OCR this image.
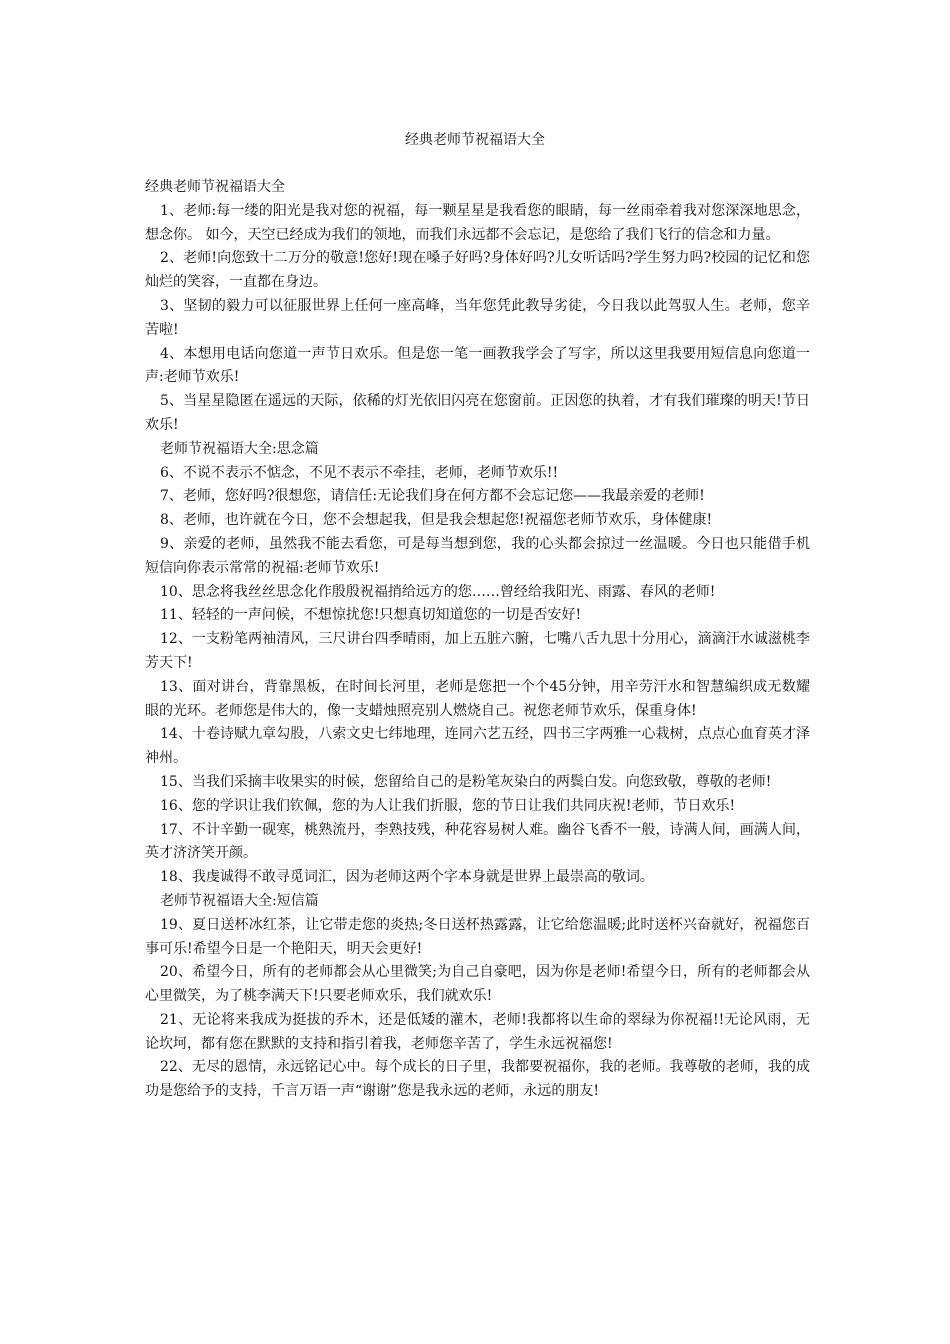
经典老师节祝福语大全

经典老师节祝福语大全

1、老师:每一缕的阳光是我对您的祝福，每一颗星星是我看您的眼睛，每一丝雨牵着我对您深深地思念，想念你。 如今，天空已经成为我们的领地，而我们永远都不会忘记，是您给了我们飞行的信念和力量。

2、老师!向您致十二万分的敬意!您好!现在嗓子好吗?身体好吗?儿女听话吗?学生努力吗?校园的记忆和您灿烂的笑容，一直都在身边。

3、坚韧的毅力可以征服世界上任何一座高峰，当年您凭此教导劣徒，今日我以此驾驭人生。老师，您辛苦啦!

4、本想用电话向您道一声节日欢乐。但是您一笔一画教我学会了写字，所以这里我要用短信息向您道一声:老师节欢乐!

5、当星星隐匿在遥远的天际，依稀的灯光依旧闪亮在您窗前。正因您的执着，才有我们璀璨的明天!节日欢乐!

老师节祝福语大全:思念篇

6、不说不表示不惦念，不见不表示不牵挂，老师，老师节欢乐!!

7、老师，您好吗?很想您，请信任:无论我们身在何方都不会忘记您——我最亲爱的老师!

8、老师，也许就在今日，您不会想起我，但是我会想起您!祝福您老师节欢乐，身体健康!

9、亲爱的老师，虽然我不能去看您，可是每当想到您，我的心头都会掠过一丝温暖。今日也只能借手机短信向你表示常常的祝福:老师节欢乐!

10、思念将我丝丝思念化作殷殷祝福捎给远方的您……曾经给我阳光、雨露、春风的老师!

11、轻轻的一声问候，不想惊扰您!只想真切知道您的一切是否安好!

12、一支粉笔两袖清风，三尺讲台四季晴雨，加上五脏六腑，七嘴八舌九思十分用心，滴滴汗水诚滋桃李芳天下!

13、面对讲台，背靠黑板，在时间长河里，老师是您把一个个45分钟，用辛劳汗水和智慧编织成无数耀眼的光环。老师您是伟大的，像一支蜡烛照亮别人燃烧自己。祝您老师节欢乐，保重身体!

14、十卷诗赋九章勾股，八索文史七纬地理，连同六艺五经，四书三字两雅一心栽树，点点心血育英才泽神州。

15、当我们采摘丰收果实的时候，您留给自己的是粉笔灰染白的两鬓白发。向您致敬，尊敬的老师!

16、您的学识让我们钦佩，您的为人让我们折服，您的节日让我们共同庆祝!老师，节日欢乐!

17、不计辛勤一砚寒，桃熟流丹，李熟技残，种花容易树人难。幽谷飞香不一般，诗满人间，画满人间，英才济济笑开颜。

18、我虔诚得不敢寻觅词汇，因为老师这两个字本身就是世界上最崇高的敬词。

老师节祝福语大全:短信篇

19、夏日送杯冰红茶，让它带走您的炎热;冬日送杯热露露，让它给您温暖;此时送杯兴奋就好，祝福您百事可乐!希望今日是一个艳阳天，明天会更好!

20、希望今日，所有的老师都会从心里微笑;为自己自豪吧，因为你是老师!希望今日，所有的老师都会从心里微笑，为了桃李满天下!只要老师欢乐，我们就欢乐!

21、无论将来我成为挺拔的乔木，还是低矮的灌木，老师!我都将以生命的翠绿为你祝福!!无论风雨，无论坎坷，都有您在默默的支持和指引着我，老师您辛苦了，学生永远祝福您!

22、无尽的恩情，永远铭记心中。每个成长的日子里，我都要祝福你，我的老师。我尊敬的老师，我的成功是您给予的支持，千言万语一声“谢谢”您是我永远的老师，永远的朋友!
